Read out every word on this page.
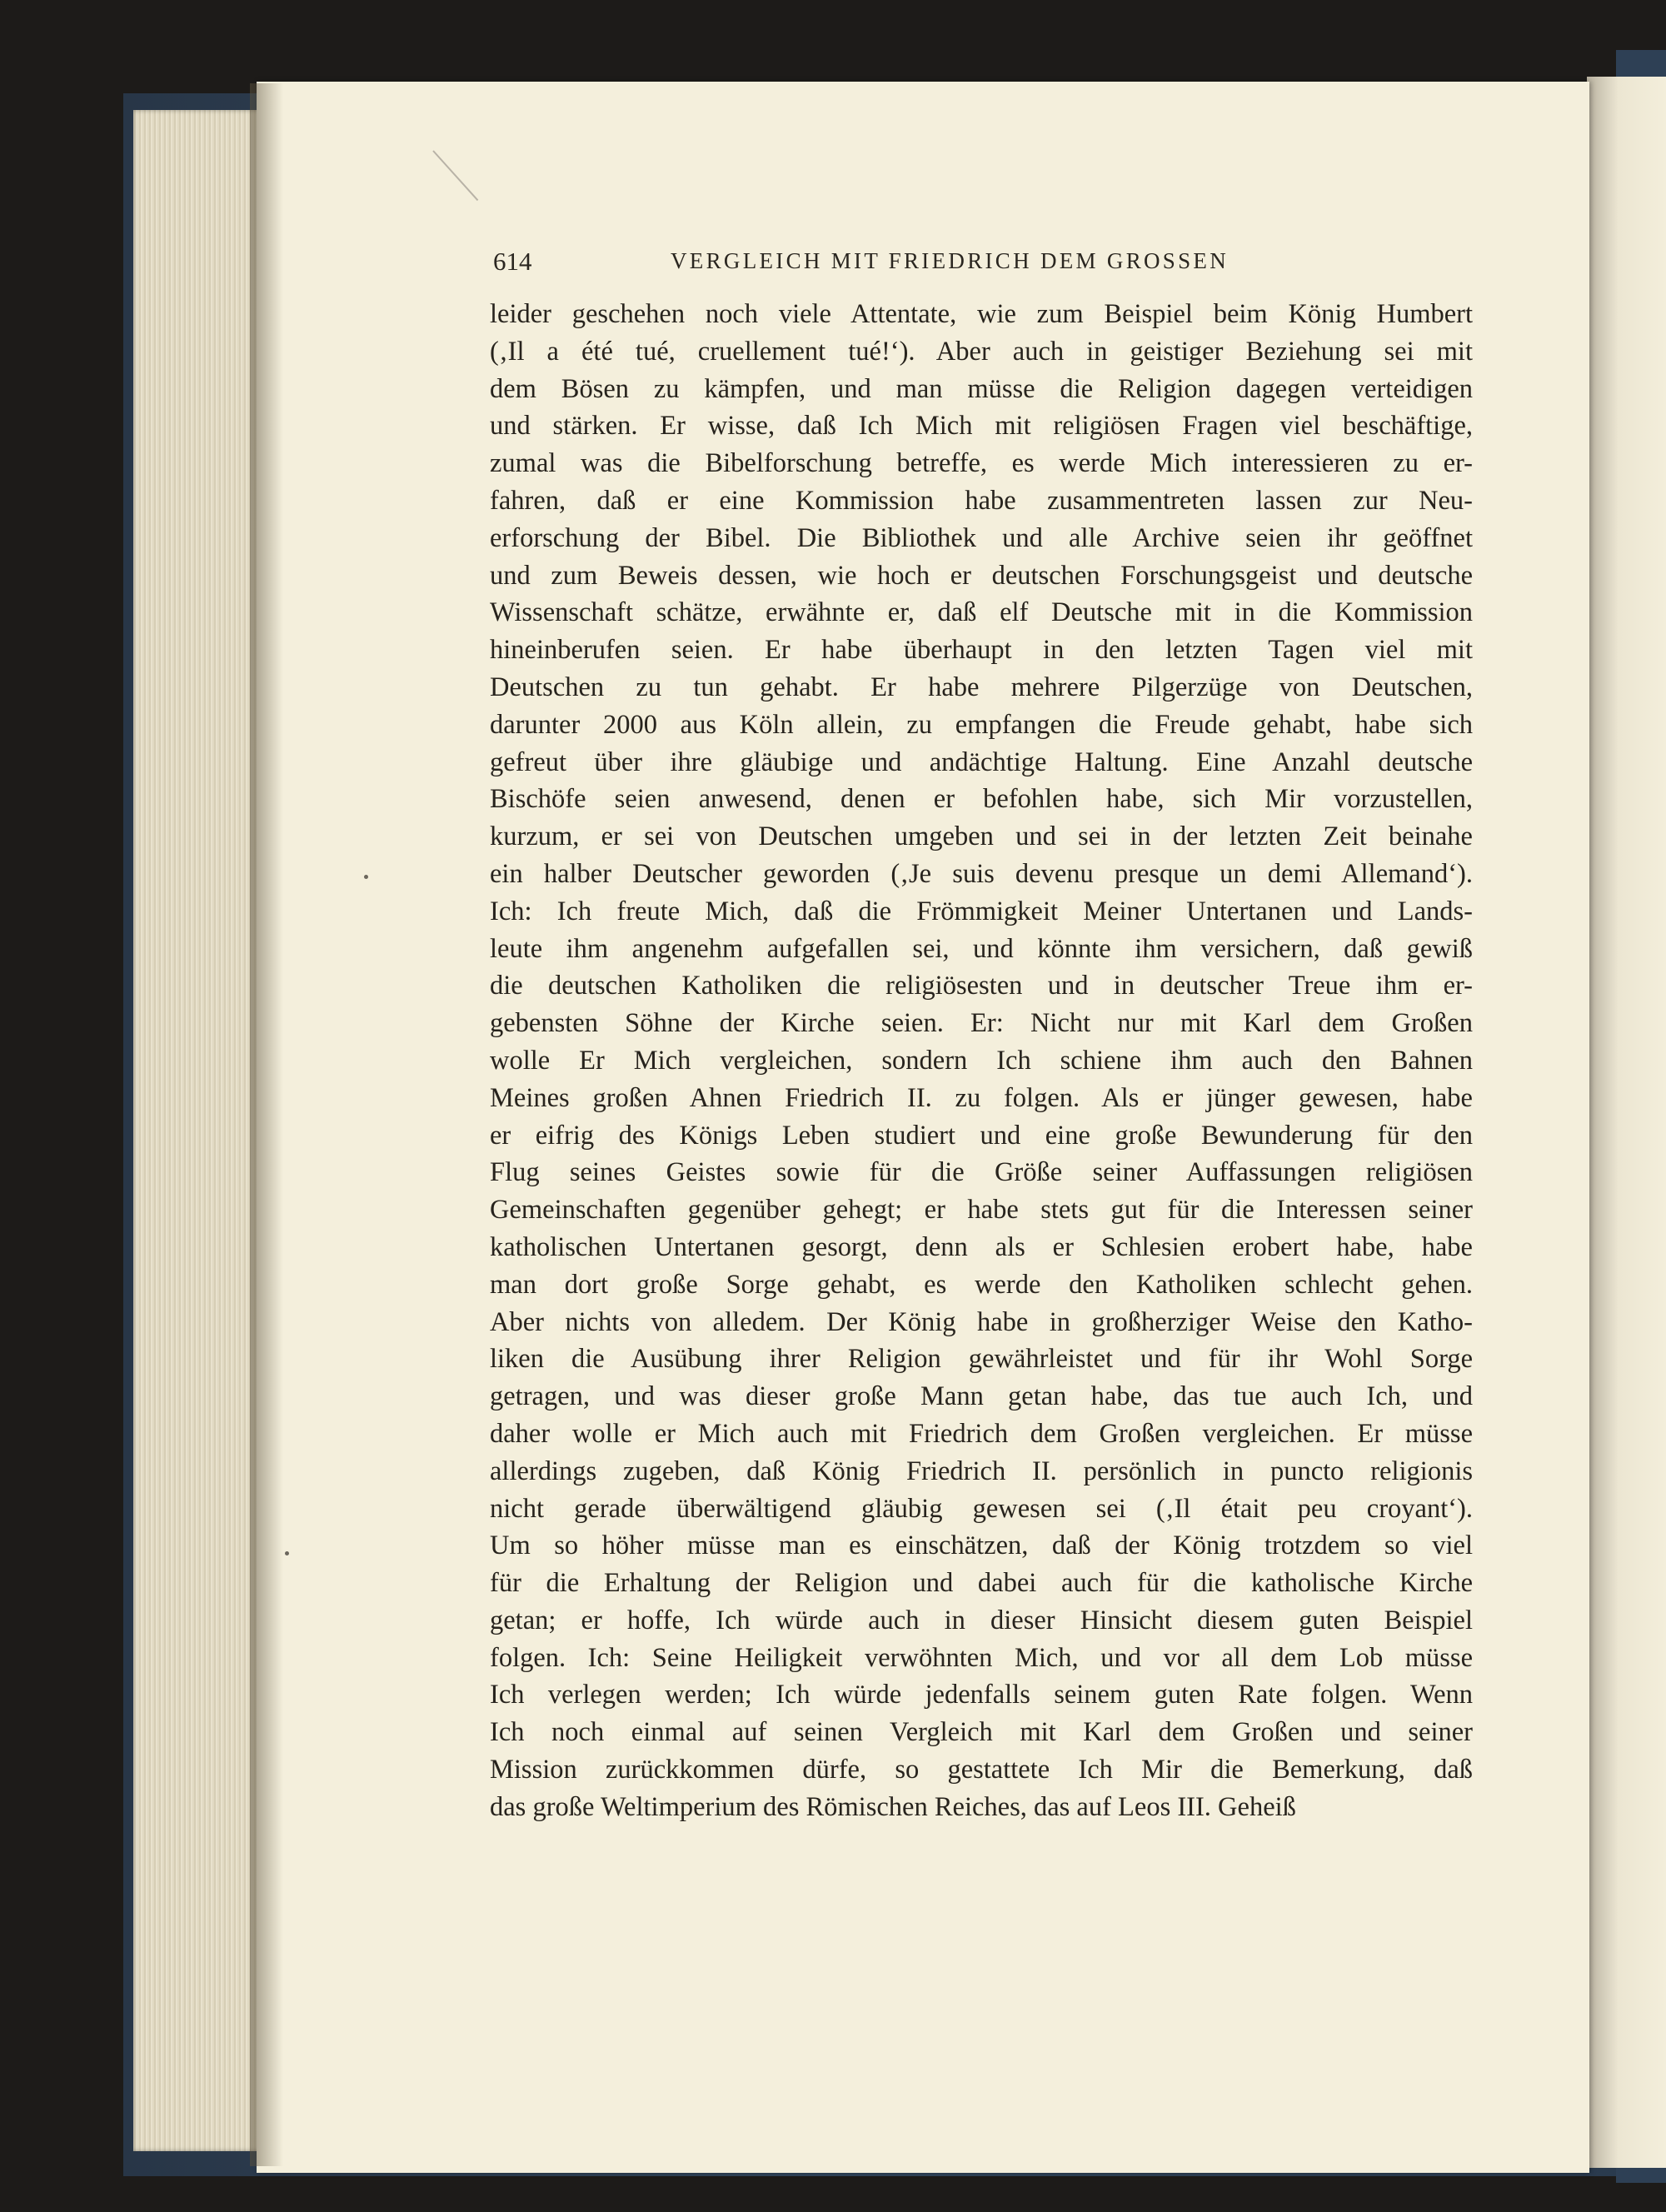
614	VERGLEICH MIT FRIEDRICH DEM GROSSEN
leider geschehen noch viele Attentate, wie zum Beispiel beim König Humbert
(‚Il a été tué, cruellement tué!‘). Aber auch in geistiger Beziehung sei mit
dem Bösen zu kämpfen, und man müsse die Religion dagegen verteidigen
und stärken. Er wisse, daß Ich Mich mit religiösen Fragen viel beschäftige,
zumal was die Bibelforschung betreffe, es werde Mich interessieren zu er-
fahren, daß er eine Kommission habe zusammentreten lassen zur Neu-
erforschung der Bibel. Die Bibliothek und alle Archive seien ihr geöffnet
und zum Beweis dessen, wie hoch er deutschen Forschungsgeist und deutsche
Wissenschaft schätze, erwähnte er, daß elf Deutsche mit in die Kommission
hineinberufen seien. Er habe überhaupt in den letzten Tagen viel mit
Deutschen zu tun gehabt. Er habe mehrere Pilgerzüge von Deutschen,
darunter 2000 aus Köln allein, zu empfangen die Freude gehabt, habe sich
gefreut über ihre gläubige und andächtige Haltung. Eine Anzahl deutsche
Bischöfe seien anwesend, denen er befohlen habe, sich Mir vorzustellen,
kurzum, er sei von Deutschen umgeben und sei in der letzten Zeit beinahe
ein halber Deutscher geworden (‚Je suis devenu presque un demi Allemand‘).
Ich: Ich freute Mich, daß die Frömmigkeit Meiner Untertanen und Lands-
leute ihm angenehm aufgefallen sei, und könnte ihm versichern, daß gewiß
die deutschen Katholiken die religiösesten und in deutscher Treue ihm er-
gebensten Söhne der Kirche seien. Er: Nicht nur mit Karl dem Großen
wolle Er Mich vergleichen, sondern Ich schiene ihm auch den Bahnen
Meines großen Ahnen Friedrich II. zu folgen. Als er jünger gewesen, habe
er eifrig des Königs Leben studiert und eine große Bewunderung für den
Flug seines Geistes sowie für die Größe seiner Auffassungen religiösen
Gemeinschaften gegenüber gehegt; er habe stets gut für die Interessen seiner
katholischen Untertanen gesorgt, denn als er Schlesien erobert habe, habe
man dort große Sorge gehabt, es werde den Katholiken schlecht gehen.
Aber nichts von alledem. Der König habe in großherziger Weise den Katho-
liken die Ausübung ihrer Religion gewährleistet und für ihr Wohl Sorge
getragen, und was dieser große Mann getan habe, das tue auch Ich, und
daher wolle er Mich auch mit Friedrich dem Großen vergleichen. Er müsse
allerdings zugeben, daß König Friedrich II. persönlich in puncto religionis
nicht gerade überwältigend gläubig gewesen sei (‚Il était peu croyant‘).
Um so höher müsse man es einschätzen, daß der König trotzdem so viel
für die Erhaltung der Religion und dabei auch für die katholische Kirche
getan; er hoffe, Ich würde auch in dieser Hinsicht diesem guten Beispiel
folgen. Ich: Seine Heiligkeit verwöhnten Mich, und vor all dem Lob müsse
Ich verlegen werden; Ich würde jedenfalls seinem guten Rate folgen. Wenn
Ich noch einmal auf seinen Vergleich mit Karl dem Großen und seiner
Mission zurückkommen dürfe, so gestattete Ich Mir die Bemerkung, daß
das große Weltimperium des Römischen Reiches, das auf Leos III. Geheiß
